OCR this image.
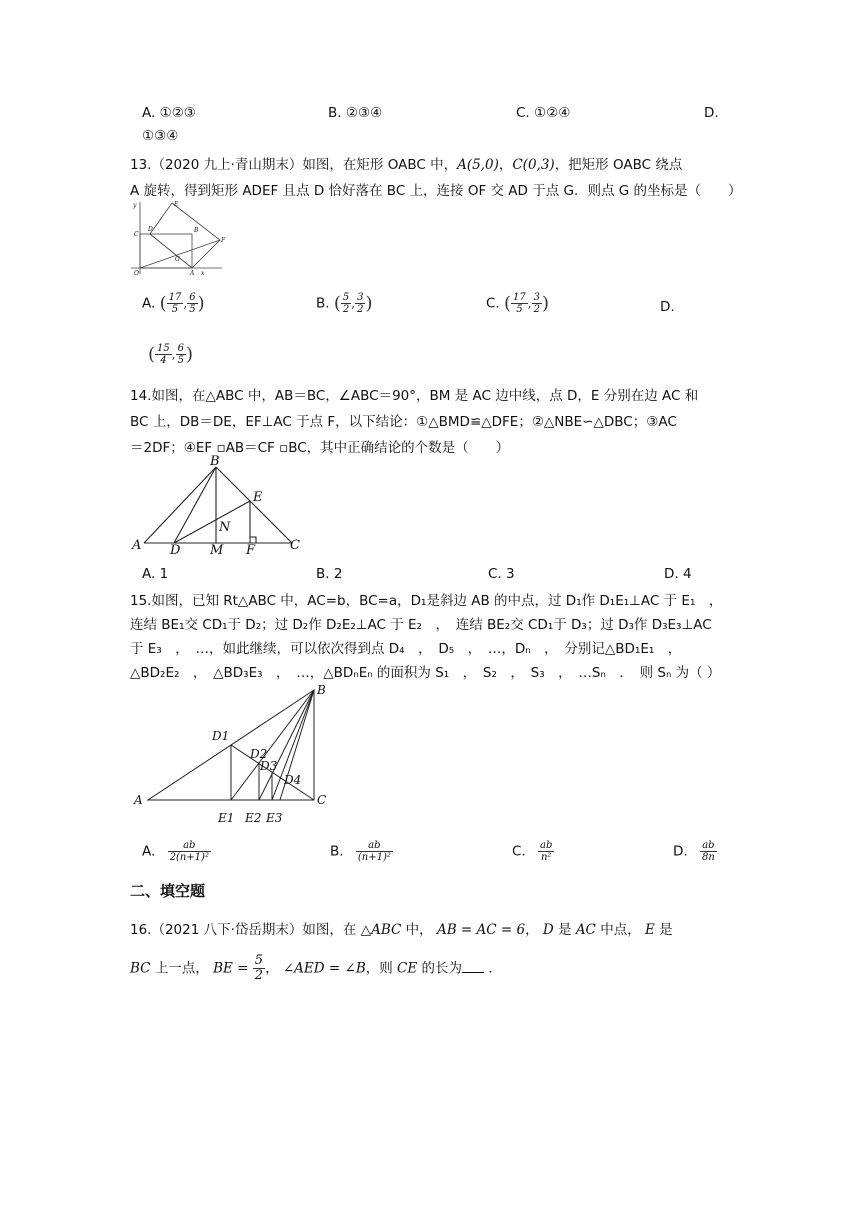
A. ①②③	B. ②③④	C. ①②④	D.
①③④
13.（2020 九上·青山期末）如图，在矩形 OABC 中，A(5,0)，C(0,3)，把矩形 OABC 绕点
A 旋转，得到矩形 ADEF 且点 D 恰好落在 BC 上，连接 OF 交 AD 于点 G．则点 G 的坐标是（　　）
y	E
C
D	B
F
G
O	A x
A. ( $\frac{17}{5}$ , $\frac{6}{5}$ )	B. ( $\frac{5}{2}$ , $\frac{3}{2}$ )	C. ( $\frac{17}{5}$ , $\frac{3}{2}$ )	D.
( $\frac{15}{4}$ , $\frac{6}{5}$ )
14.如图，在△ABC 中，AB＝BC，∠ABC＝90°，BM 是 AC 边中线，点 D，E 分别在边 AC 和
BC 上，DB＝DE，EF⊥AC 于点 F，以下结论：①△BMD≌△DFE；②△NBE∽△DBC；③AC
＝2DF；④EF ▫AB＝CF ▫BC，其中正确结论的个数是（　　）
B
E
N
A D M F	C
A. 1	B. 2	C. 3	D. 4
15.如图，已知 Rt△ABC 中，AC=b，BC=a，D₁是斜边 AB 的中点，过 D₁作 D₁E₁⊥AC 于 E₁　，
连结 BE₁交 CD₁于 D₂；过 D₂作 D₂E₂⊥AC 于 E₂　，　连结 BE₂交 CD₁于 D₃；过 D₃作 D₃E₃⊥AC
于 E₃　，　…，如此继续，可以依次得到点 D₄　，　D₅　，　…，Dₙ　，　分别记△BD₁E₁　，
△BD₂E₂　，　△BD₃E₃　，　…，△BDₙEₙ 的面积为 S₁　，　S₂　，　S₃　，　…Sₙ　．　则 Sₙ 为（ ）
B
D1
D2
D3
D4
A	C
E1 E2 E3
A. $\frac{ab}{\text{2(n+1)²}}$	B. $\frac{ab}{\text{(n+1)²}}$	C. $\frac{ab}{\text{n²}}$	D. $\frac{ab}{8n}$
二、填空题
16.（2021 八下·岱岳期末）如图，在 △ABC 中， AB = AC = 6， D 是 AC 中点， E 是
BC 上一点， BE = $\frac{5}{2}$ ， ∠AED = ∠B，则 CE 的长为 ．
